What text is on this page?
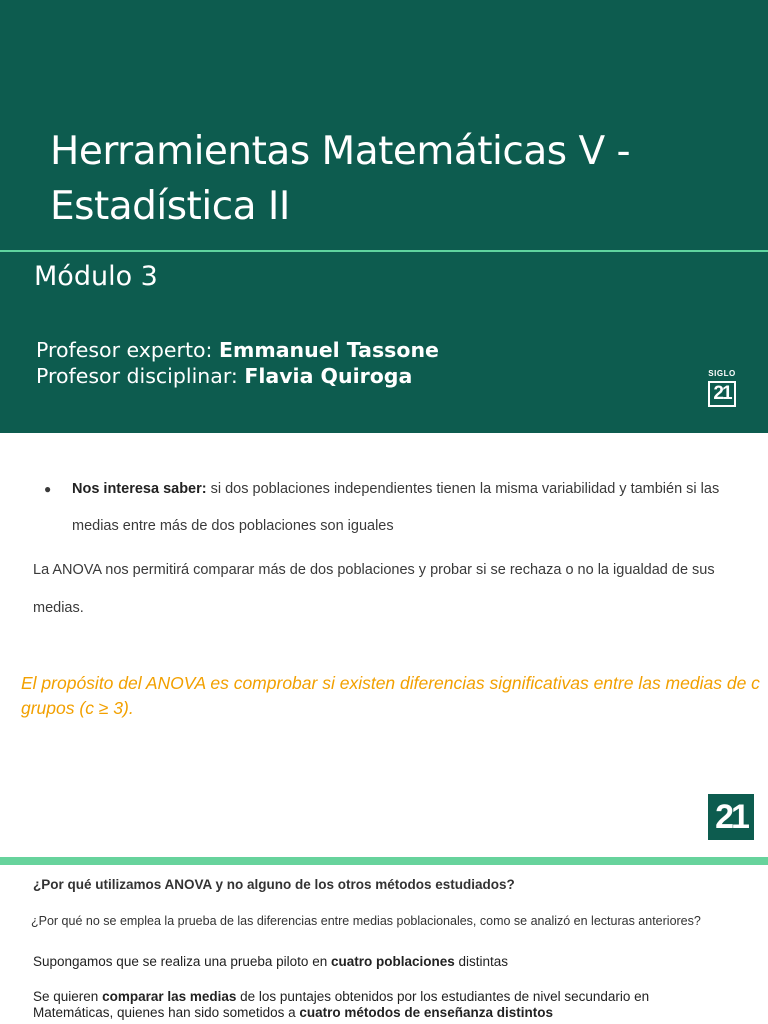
Herramientas Matemáticas V -
Estadística II
Módulo 3
Profesor experto: Emmanuel Tassone
Profesor disciplinar: Flavia Quiroga	SIGLO
21
● Nos interesa saber: si dos poblaciones independientes tienen la misma variabilidad y también si las medias entre más de dos poblaciones son iguales

La ANOVA nos permitirá comparar más de dos poblaciones y probar si se rechaza o no la igualdad de sus medias.

El propósito del ANOVA es comprobar si existen diferencias significativas entre las medias de c grupos (c ≥ 3).

21
¿Por qué utilizamos ANOVA y no alguno de los otros métodos estudiados?
¿Por qué no se emplea la prueba de las diferencias entre medias poblacionales, como se analizó en lecturas anteriores?
Supongamos que se realiza una prueba piloto en cuatro poblaciones distintas
Se quieren comparar las medias de los puntajes obtenidos por los estudiantes de nivel secundario en Matemáticas, quienes han sido sometidos a cuatro métodos de enseñanza distintos
